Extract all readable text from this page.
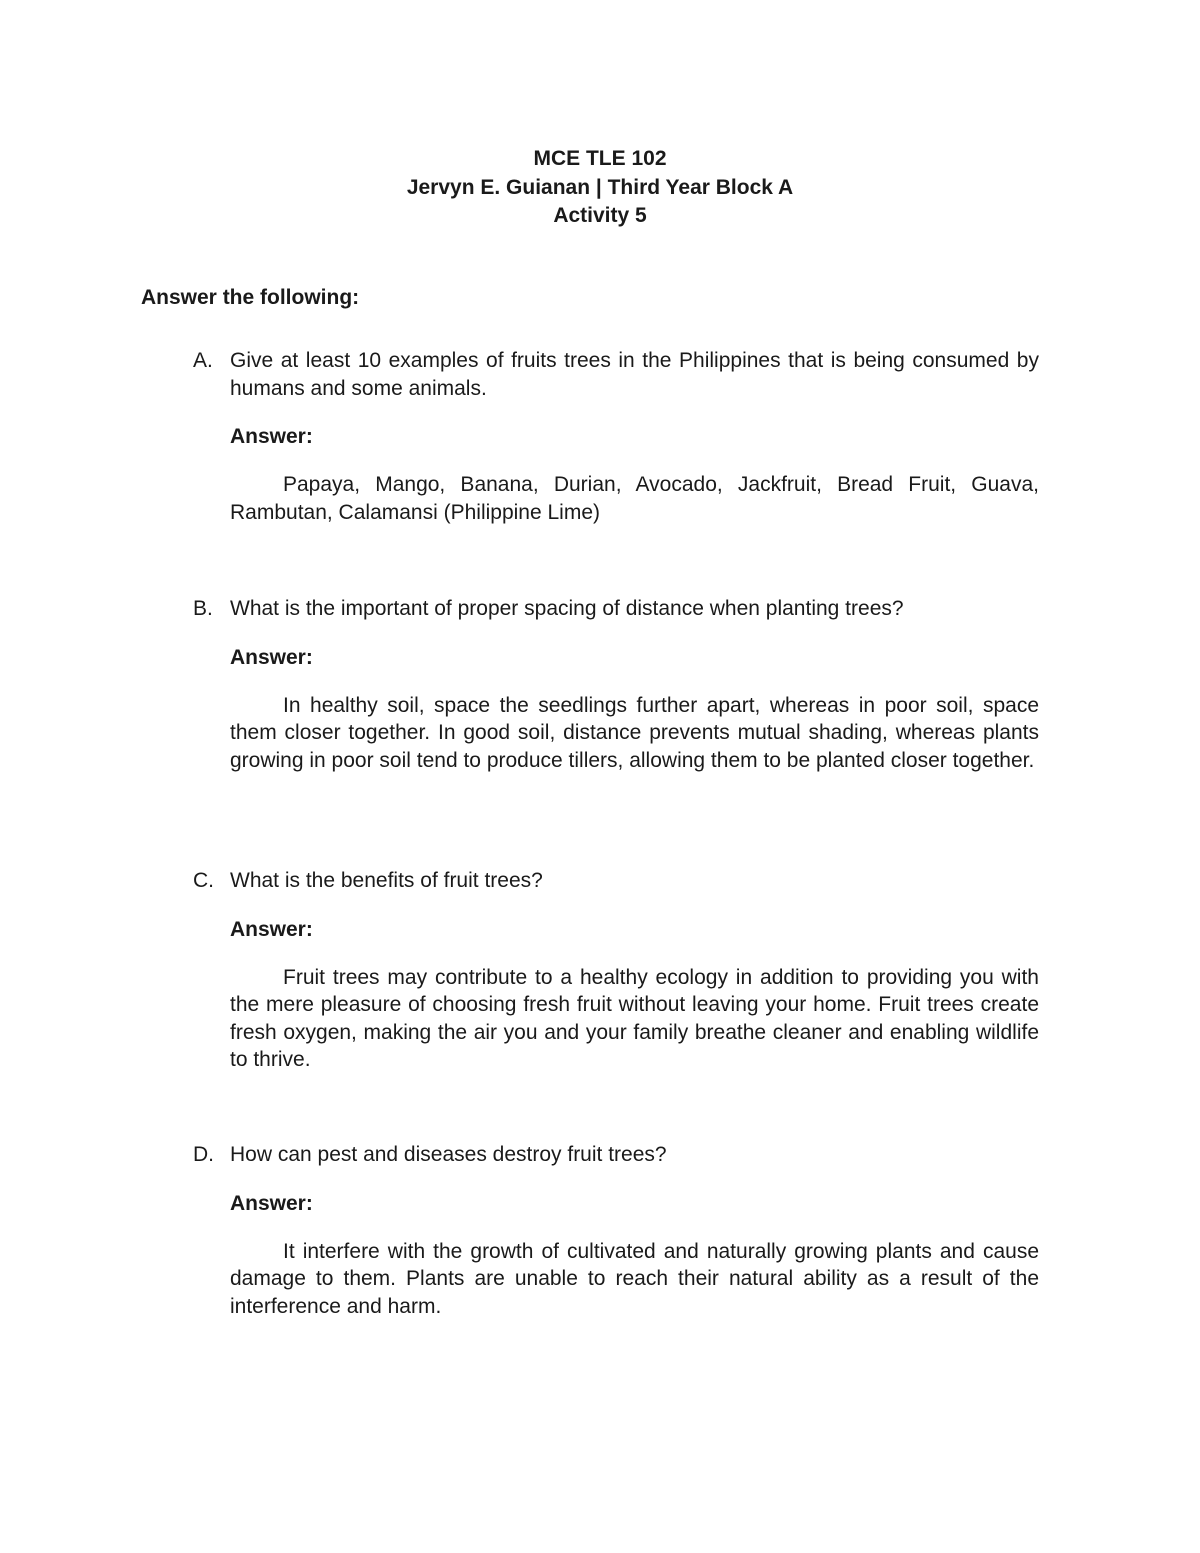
MCE TLE 102
Jervyn E. Guianan | Third Year Block A
Activity 5
Answer the following:
A. Give at least 10 examples of fruits trees in the Philippines that is being consumed by humans and some animals.
Answer:
Papaya, Mango, Banana, Durian, Avocado, Jackfruit, Bread Fruit, Guava, Rambutan, Calamansi (Philippine Lime)
B. What is the important of proper spacing of distance when planting trees?
Answer:
In healthy soil, space the seedlings further apart, whereas in poor soil, space them closer together. In good soil, distance prevents mutual shading, whereas plants growing in poor soil tend to produce tillers, allowing them to be planted closer together.
C. What is the benefits of fruit trees?
Answer:
Fruit trees may contribute to a healthy ecology in addition to providing you with the mere pleasure of choosing fresh fruit without leaving your home. Fruit trees create fresh oxygen, making the air you and your family breathe cleaner and enabling wildlife to thrive.
D. How can pest and diseases destroy fruit trees?
Answer:
It interfere with the growth of cultivated and naturally growing plants and cause damage to them. Plants are unable to reach their natural ability as a result of the interference and harm.
